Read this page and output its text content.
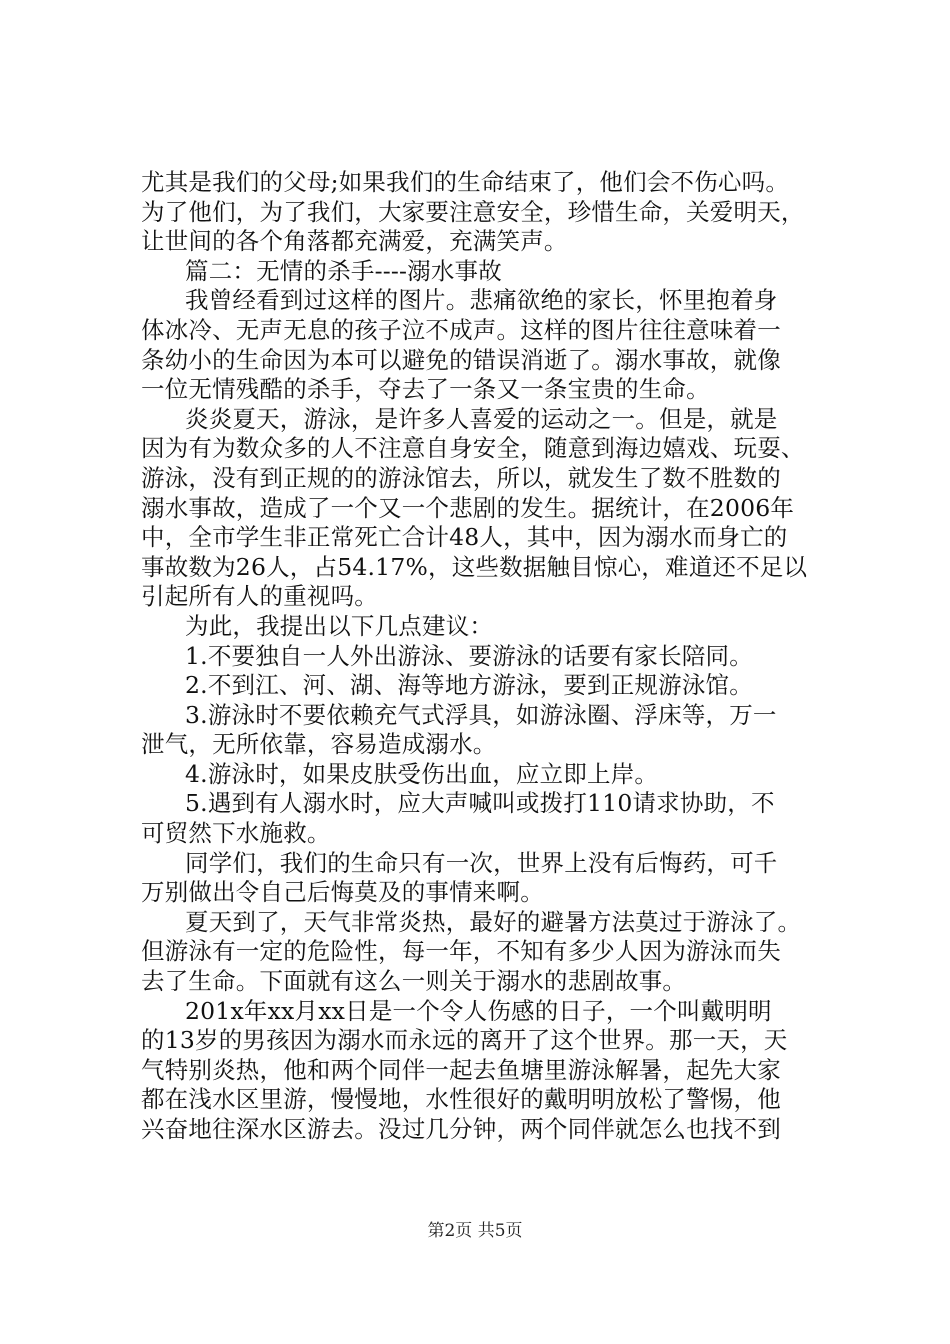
尤其是我们的父母;如果我们的生命结束了，他们会不伤心吗。
为了他们，为了我们，大家要注意安全，珍惜生命，关爱明天，
让世间的各个角落都充满爱，充满笑声。
篇二：无情的杀手----溺水事故
我曾经看到过这样的图片。悲痛欲绝的家长，怀里抱着身
体冰冷、无声无息的孩子泣不成声。这样的图片往往意味着一
条幼小的生命因为本可以避免的错误消逝了。溺水事故，就像
一位无情残酷的杀手，夺去了一条又一条宝贵的生命。
炎炎夏天，游泳，是许多人喜爱的运动之一。但是，就是
因为有为数众多的人不注意自身安全，随意到海边嬉戏、玩耍、
游泳，没有到正规的的游泳馆去，所以，就发生了数不胜数的
溺水事故，造成了一个又一个悲剧的发生。据统计，在2006年
中，全市学生非正常死亡合计48人，其中，因为溺水而身亡的
事故数为26人，占54.17%，这些数据触目惊心，难道还不足以
引起所有人的重视吗。
为此，我提出以下几点建议：
1.不要独自一人外出游泳、要游泳的话要有家长陪同。
2.不到江、河、湖、海等地方游泳，要到正规游泳馆。
3.游泳时不要依赖充气式浮具，如游泳圈、浮床等，万一
泄气，无所依靠，容易造成溺水。
4.游泳时，如果皮肤受伤出血，应立即上岸。
5.遇到有人溺水时，应大声喊叫或拨打110请求协助，不
可贸然下水施救。
同学们，我们的生命只有一次，世界上没有后悔药，可千
万别做出令自己后悔莫及的事情来啊。
夏天到了，天气非常炎热，最好的避暑方法莫过于游泳了。
但游泳有一定的危险性，每一年，不知有多少人因为游泳而失
去了生命。下面就有这么一则关于溺水的悲剧故事。
201x年xx月xx日是一个令人伤感的日子，一个叫戴明明
的13岁的男孩因为溺水而永远的离开了这个世界。那一天，天
气特别炎热，他和两个同伴一起去鱼塘里游泳解暑，起先大家
都在浅水区里游，慢慢地，水性很好的戴明明放松了警惕，他
兴奋地往深水区游去。没过几分钟，两个同伴就怎么也找不到
第2页 共5页
